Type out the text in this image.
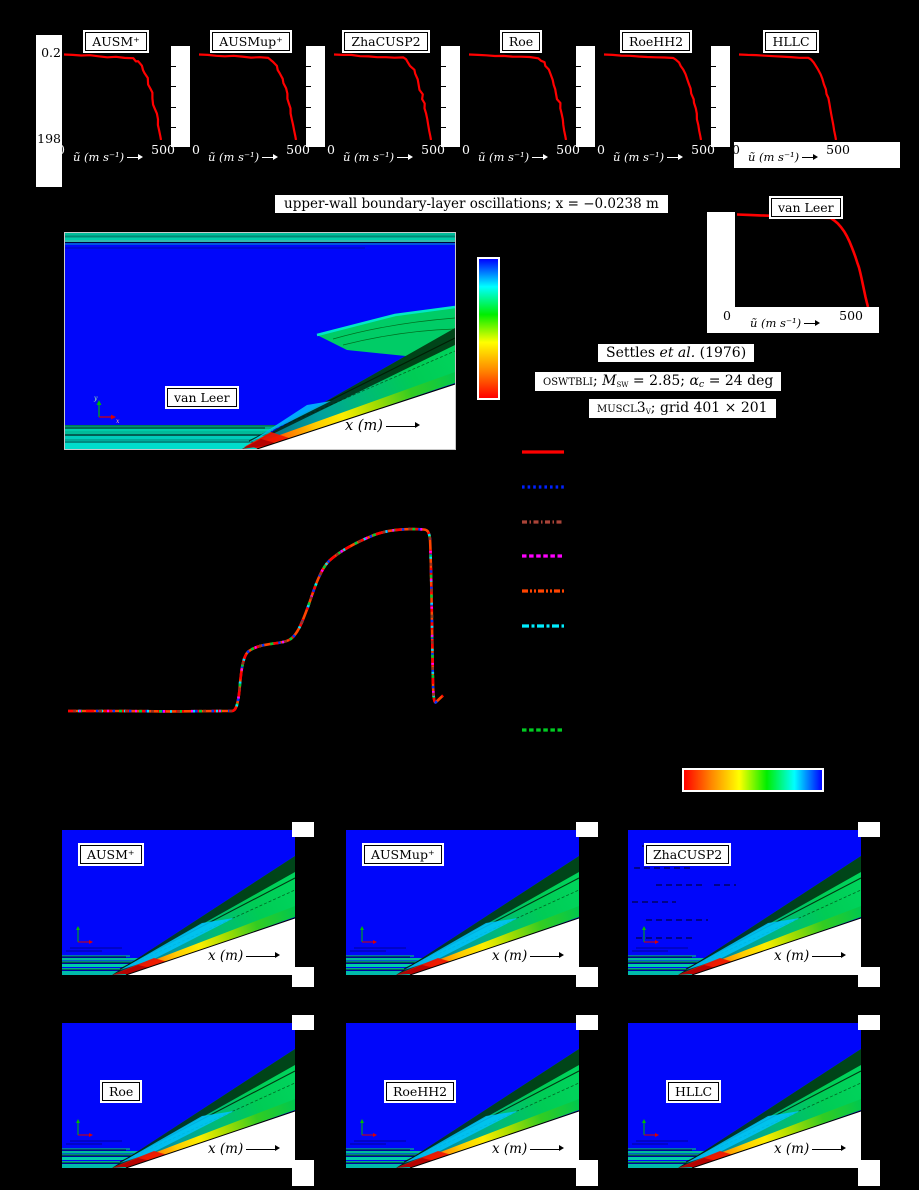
0.2
.198
AUSM⁺
0 ũ (m s⁻¹)	500
AUSMup⁺
0 ũ (m s⁻¹)	500
ZhaCUSP2
0 ũ (m s⁻¹)	500
Roe
0 ũ (m s⁻¹)	500
RoeHH2
0 ũ (m s⁻¹)	500
HLLC
0 ũ (m s⁻¹)	500
upper-wall boundary-layer oscillations; x = −0.0238 m	van Leer
0 ũ (m s⁻¹)	500
y
x
van Leer
x (m)
Settles et al. (1976)
oswtbli; Msw = 2.85; αc = 24 deg
muscl3v; grid 401 × 201
AUSM⁺
x (m)
AUSMup⁺
x (m)
ZhaCUSP2
x (m)
Roe
x (m)
RoeHH2
x (m)
HLLC
x (m)
